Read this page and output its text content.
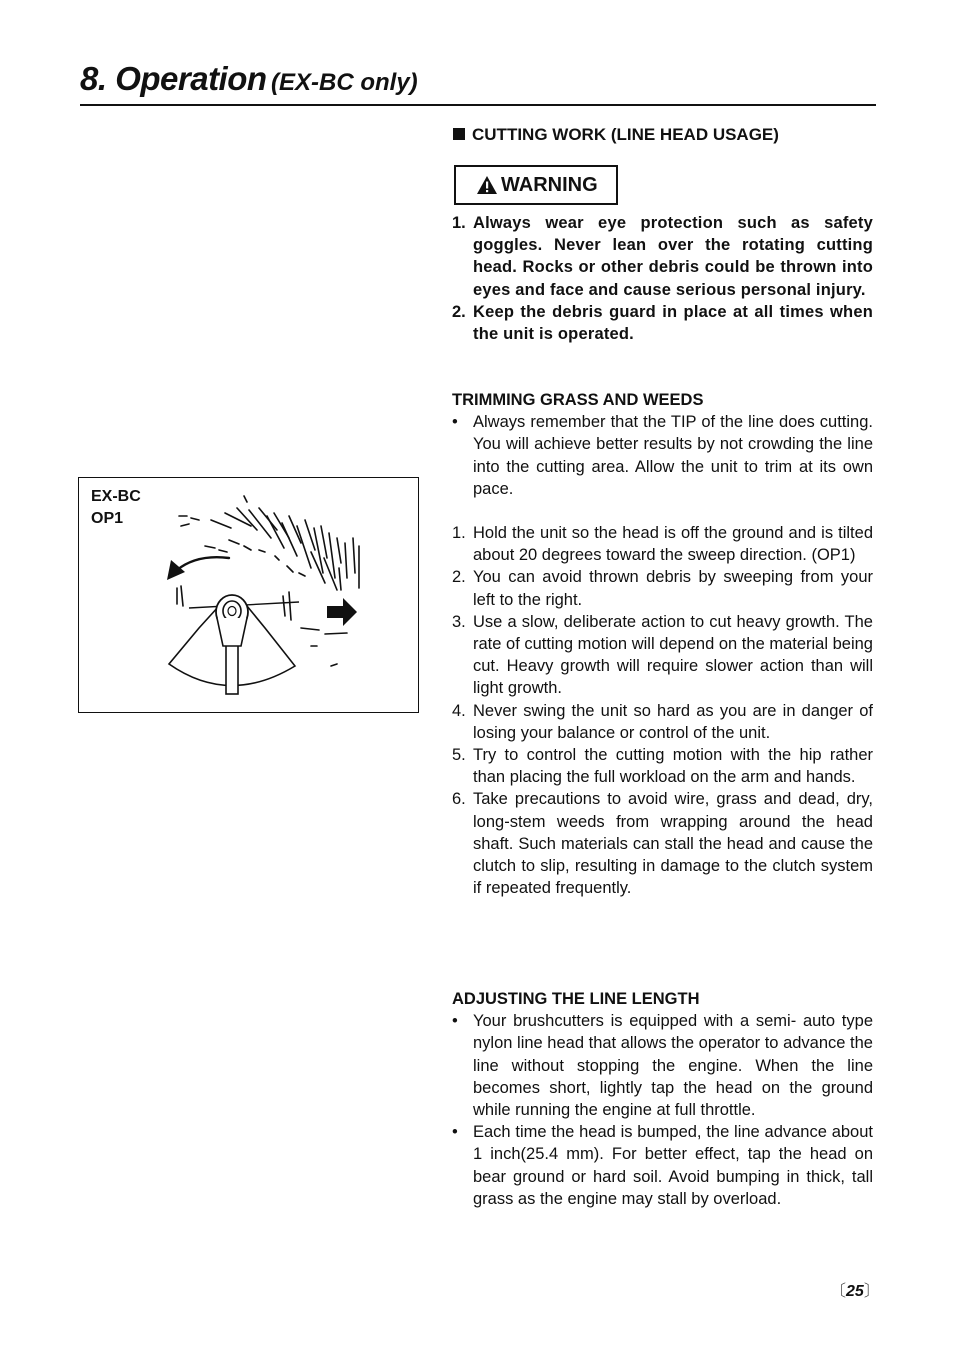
8. Operation (EX-BC only)
CUTTING WORK (LINE HEAD USAGE)
WARNING
1. Always wear eye protection such as safety goggles. Never lean over the rotating cutting head. Rocks or other debris could be thrown into eyes and face and cause serious personal injury.
2. Keep the debris guard in place at all times when the unit is operated.
TRIMMING GRASS AND WEEDS
• Always remember that the TIP of the line does cutting. You will achieve better results by not crowding the line into the cutting area. Allow the unit to trim at its own pace.
1. Hold the unit so the head is off the ground and is tilted about 20 degrees toward the sweep direction. (OP1)
2. You can avoid thrown debris by sweeping from your left to the right.
3. Use a slow, deliberate action to cut heavy growth. The rate of cutting motion will depend on the material being cut. Heavy growth will require slower action than will light growth.
4. Never swing the unit so hard as you are in danger of losing your balance or control of the unit.
5. Try to control the cutting motion with the hip rather than placing the full workload on the arm and hands.
6. Take precautions to avoid wire, grass and dead, dry, long-stem weeds from wrapping around the head shaft. Such materials can stall the head and cause the clutch to slip, resulting in damage to the clutch system if repeated frequently.
ADJUSTING THE LINE LENGTH
• Your brushcutters is equipped with a semi- auto type nylon line head that allows the operator to advance the line without stopping the engine. When the line becomes short, lightly tap the head on the ground while running the engine at full throttle.
• Each time the head is bumped, the line advance about 1 inch(25.4 mm). For better effect, tap the head on bear ground or hard soil. Avoid bumping in thick, tall grass as the engine may stall by overload.
EX-BC
OP1
〔25〕
